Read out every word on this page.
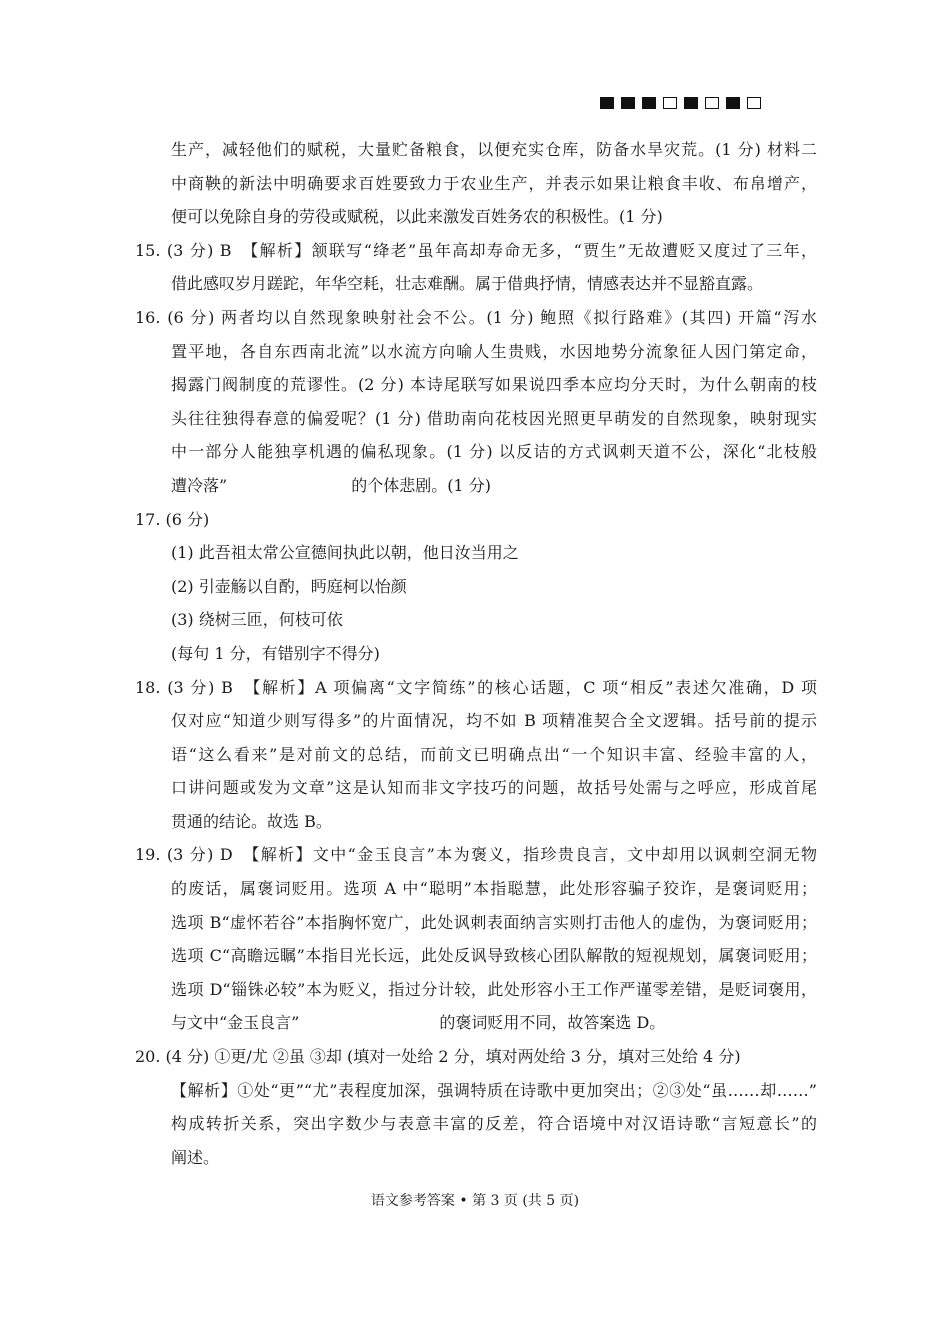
生产，减轻他们的赋税，大量贮备粮食，以便充实仓库，防备水旱灾荒。(1 分) 材料二
中商鞅的新法中明确要求百姓要致力于农业生产，并表示如果让粮食丰收、布帛增产，
便可以免除自身的劳役或赋税，以此来激发百姓务农的积极性。(1 分)
15. (3 分) B　【解析】颔联写“绛老”虽年高却寿命无多，“贾生”无故遭贬又度过了三年，
借此感叹岁月蹉跎，年华空耗，壮志难酬。属于借典抒情，情感表达并不显豁直露。
16. (6 分) 两者均以自然现象映射社会不公。(1 分) 鲍照《拟行路难》(其四) 开篇“泻水
置平地，各自东西南北流”以水流方向喻人生贵贱，水因地势分流象征人因门第定命，
揭露门阀制度的荒谬性。(2 分) 本诗尾联写如果说四季本应均分天时，为什么朝南的枝
头往往独得春意的偏爱呢？(1 分) 借助南向花枝因光照更早萌发的自然现象，映射现实
中一部分人能独享机遇的偏私现象。(1 分) 以反诘的方式讽刺天道不公，深化“北枝般
遭冷落”	的个体悲剧。(1 分)
17. (6 分)
(1) 此吾祖太常公宣德间执此以朝，他日汝当用之
(2) 引壶觞以自酌，眄庭柯以怡颜
(3) 绕树三匝，何枝可依
(每句 1 分，有错别字不得分)
18. (3 分) B　【解析】A 项偏离“文字简练”的核心话题，C 项“相反”表述欠准确，D 项
仅对应“知道少则写得多”的片面情况，均不如 B 项精准契合全文逻辑。括号前的提示
语“这么看来”是对前文的总结，而前文已明确点出“一个知识丰富、经验丰富的人，
口讲问题或发为文章”这是认知而非文字技巧的问题，故括号处需与之呼应，形成首尾
贯通的结论。故选 B。
19. (3 分) D　【解析】文中“金玉良言”本为褒义，指珍贵良言，文中却用以讽刺空洞无物
的废话，属褒词贬用。选项 A 中“聪明”本指聪慧，此处形容骗子狡诈，是褒词贬用；
选项 B“虚怀若谷”本指胸怀宽广，此处讽刺表面纳言实则打击他人的虚伪，为褒词贬用；
选项 C“高瞻远瞩”本指目光长远，此处反讽导致核心团队解散的短视规划，属褒词贬用；
选项 D“锱铢必较”本为贬义，指过分计较，此处形容小王工作严谨零差错，是贬词褒用，
与文中“金玉良言”	的褒词贬用不同，故答案选 D。
20. (4 分) ①更/尤 ②虽 ③却 (填对一处给 2 分，填对两处给 3 分，填对三处给 4 分)
【解析】①处“更”“尤”表程度加深，强调特质在诗歌中更加突出；②③处“虽……却……”
构成转折关系，突出字数少与表意丰富的反差，符合语境中对汉语诗歌“言短意长”的
阐述。
语文参考答案 • 第 3 页 (共 5 页)
